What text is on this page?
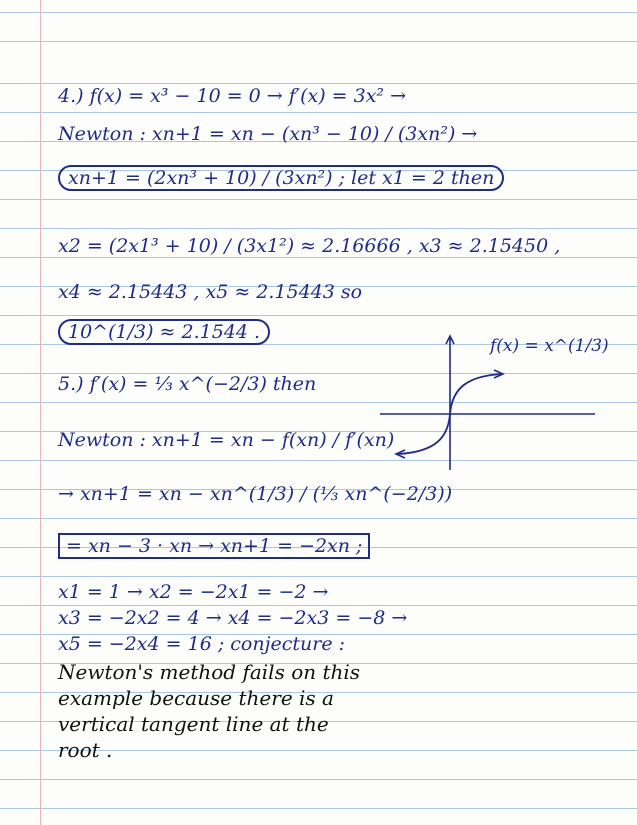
4.) f(x) = x³ − 10 = 0 → f′(x) = 3x² →
Newton : xn+1 = xn − (xn³ − 10) / (3xn²) →
xn+1 = (2xn³ + 10) / (3xn²) ; let x1 = 2 then
x2 = (2x1³ + 10) / (3x1²) ≈ 2.16666 , x3 ≈ 2.15450 ,
x4 ≈ 2.15443 , x5 ≈ 2.15443 so
10^(1/3) ≈ 2.1544 .
5.) f′(x) = ⅓ x^(−2/3) then
Newton : xn+1 = xn − f(xn) / f′(xn)
→ xn+1 = xn − xn^(1/3) / (⅓ xn^(−2/3))
= xn − 3 · xn → xn+1 = −2xn ;
x1 = 1 → x2 = −2x1 = −2 →
x3 = −2x2 = 4 → x4 = −2x3 = −8 →
x5 = −2x4 = 16 ; conjecture :
Newton's method fails on this
example because there is a
vertical tangent line at the
root .
f(x) = x^(1/3)
